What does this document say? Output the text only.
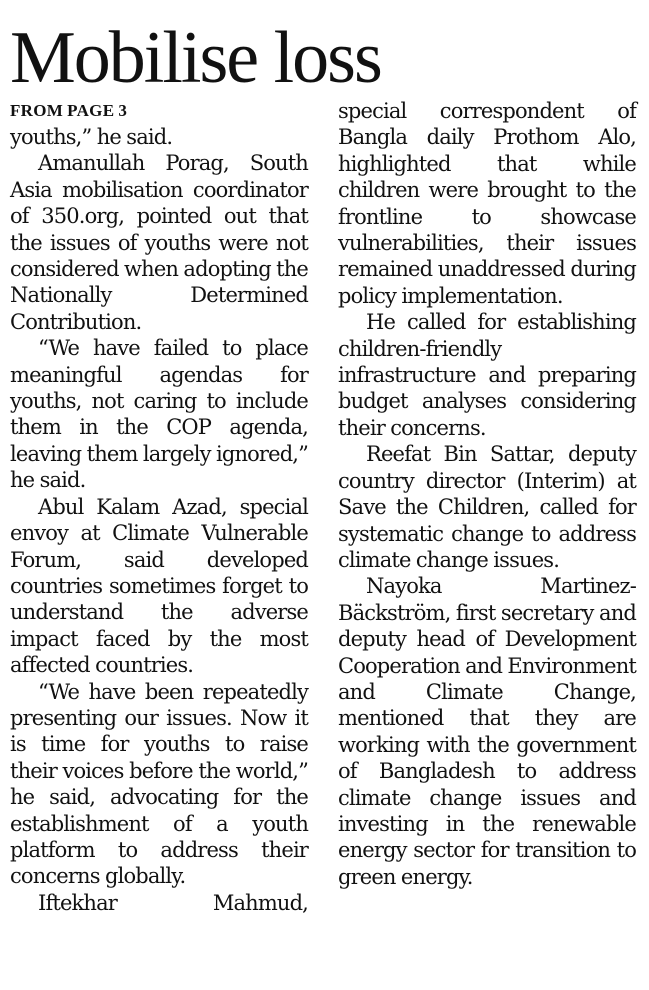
Mobilise loss
FROM PAGE 3

youths,” he said.

Amanullah Porag, South Asia mobilisation coordinator of 350.org, pointed out that the issues of youths were not considered when adopting the Nationally Determined Contribution.

“We have failed to place meaningful agendas for youths, not caring to include them in the COP agenda, leaving them largely ignored,” he said.

Abul Kalam Azad, special envoy at Climate Vulnerable Forum, said developed countries sometimes forget to understand the adverse impact faced by the most affected countries.

“We have been repeatedly presenting our issues. Now it is time for youths to raise their voices before the world,” he said, advocating for the establishment of a youth platform to address their concerns globally.

Iftekhar Mahmud,

special correspondent of Bangla daily Prothom Alo, highlighted that while children were brought to the frontline to showcase vulnerabilities, their issues remained unaddressed during policy implementation.

He called for establishing children-friendly infrastructure and preparing budget analyses considering their concerns.

Reefat Bin Sattar, deputy country director (Interim) at Save the Children, called for systematic change to address climate change issues.

Nayoka Martinez-Bäckström, first secretary and deputy head of Development Cooperation and Environment and Climate Change, mentioned that they are working with the government of Bangladesh to address climate change issues and investing in the renewable energy sector for transition to green energy.
